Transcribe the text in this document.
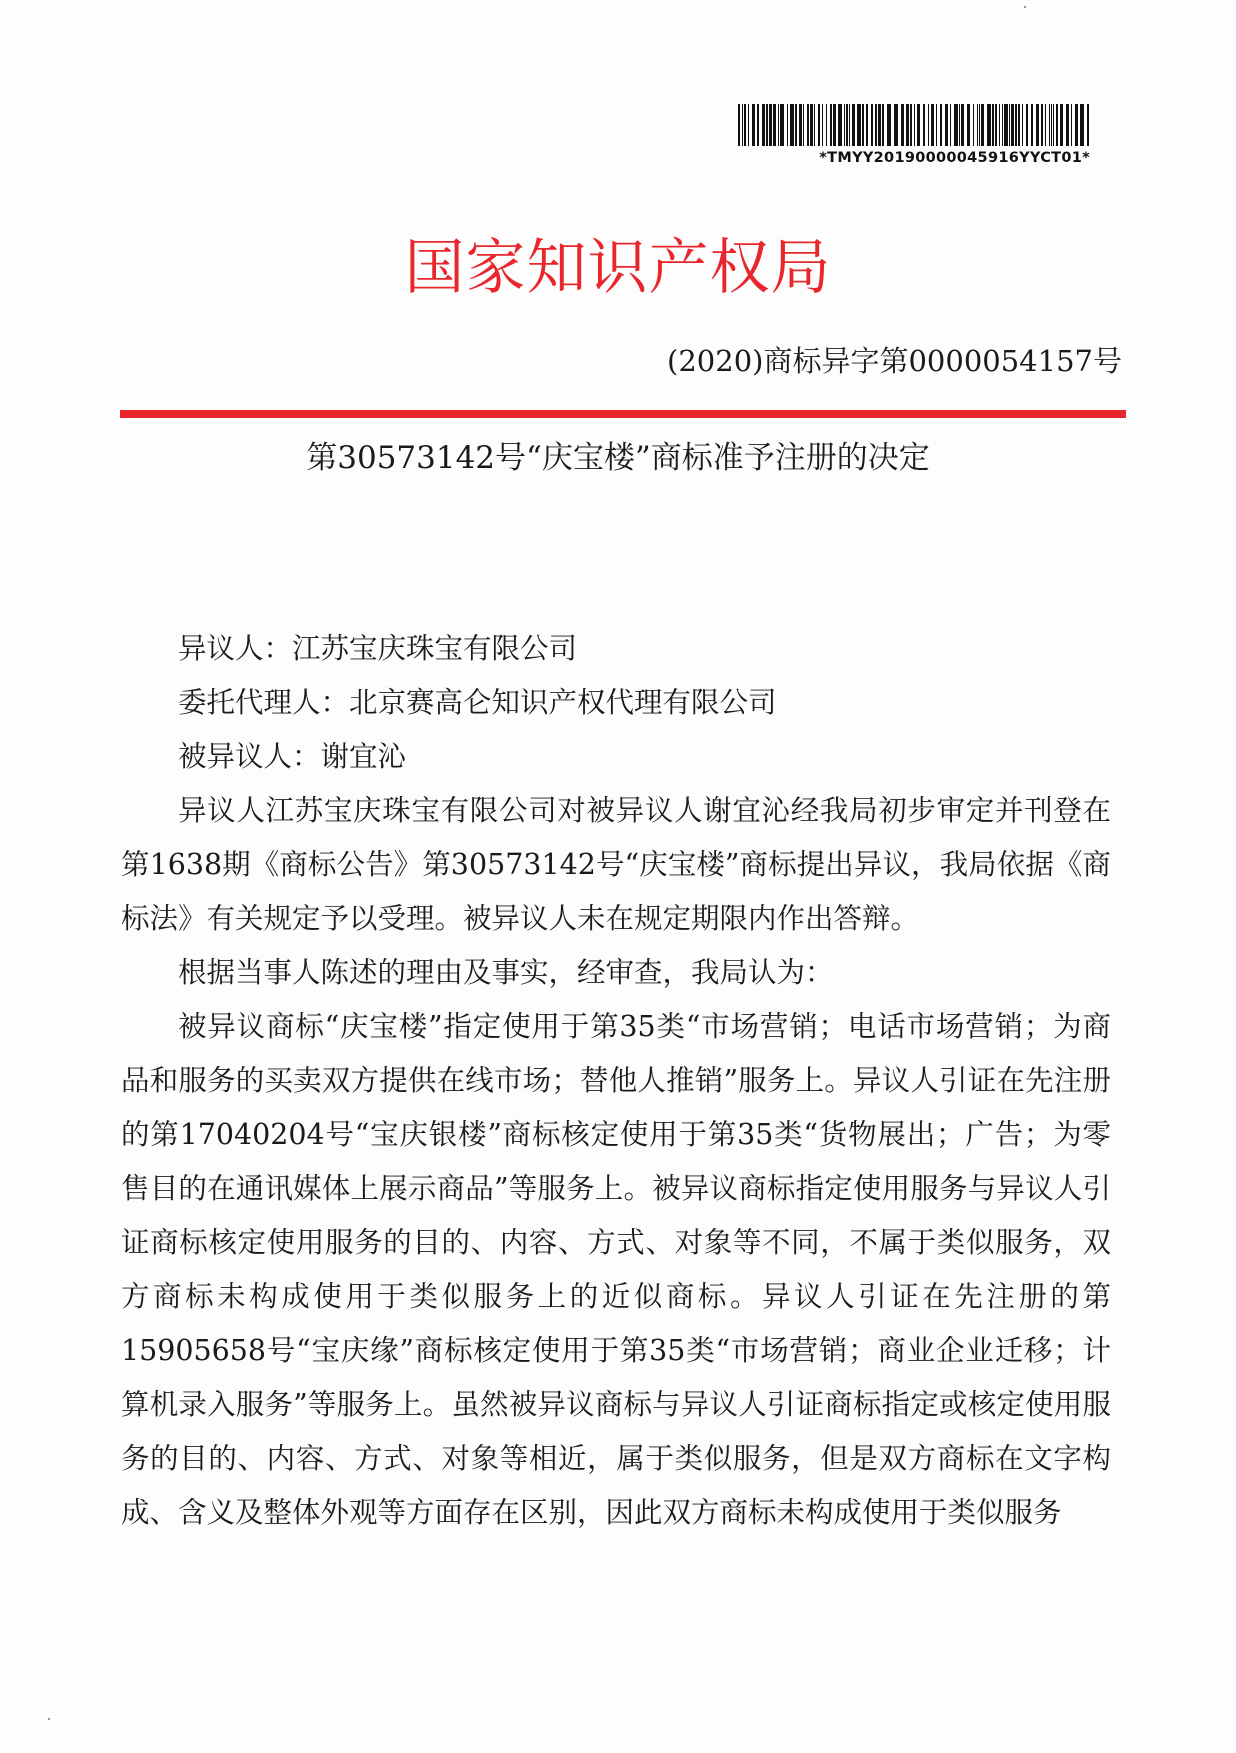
*TMYY20190000045916YYCT01*
国家知识产权局
(2020)商标异字第0000054157号
第30573142号“庆宝楼”商标准予注册的决定

异议人：江苏宝庆珠宝有限公司

委托代理人：北京赛高仑知识产权代理有限公司

被异议人：谢宜沁

异议人江苏宝庆珠宝有限公司对被异议人谢宜沁经我局初步审定并刊登在第1638期《商标公告》第30573142号“庆宝楼”商标提出异议，我局依据《商标法》有关规定予以受理。被异议人未在规定期限内作出答辩。

根据当事人陈述的理由及事实，经审查，我局认为：

被异议商标“庆宝楼”指定使用于第35类“市场营销；电话市场营销；为商品和服务的买卖双方提供在线市场；替他人推销”服务上。异议人引证在先注册的第17040204号“宝庆银楼”商标核定使用于第35类“货物展出；广告；为零售目的在通讯媒体上展示商品”等服务上。被异议商标指定使用服务与异议人引证商标核定使用服务的目的、内容、方式、对象等不同，不属于类似服务，双方商标未构成使用于类似服务上的近似商标。异议人引证在先注册的第15905658号“宝庆缘”商标核定使用于第35类“市场营销；商业企业迁移；计算机录入服务”等服务上。虽然被异议商标与异议人引证商标指定或核定使用服务的目的、内容、方式、对象等相近，属于类似服务，但是双方商标在文字构成、含义及整体外观等方面存在区别，因此双方商标未构成使用于类似服务
